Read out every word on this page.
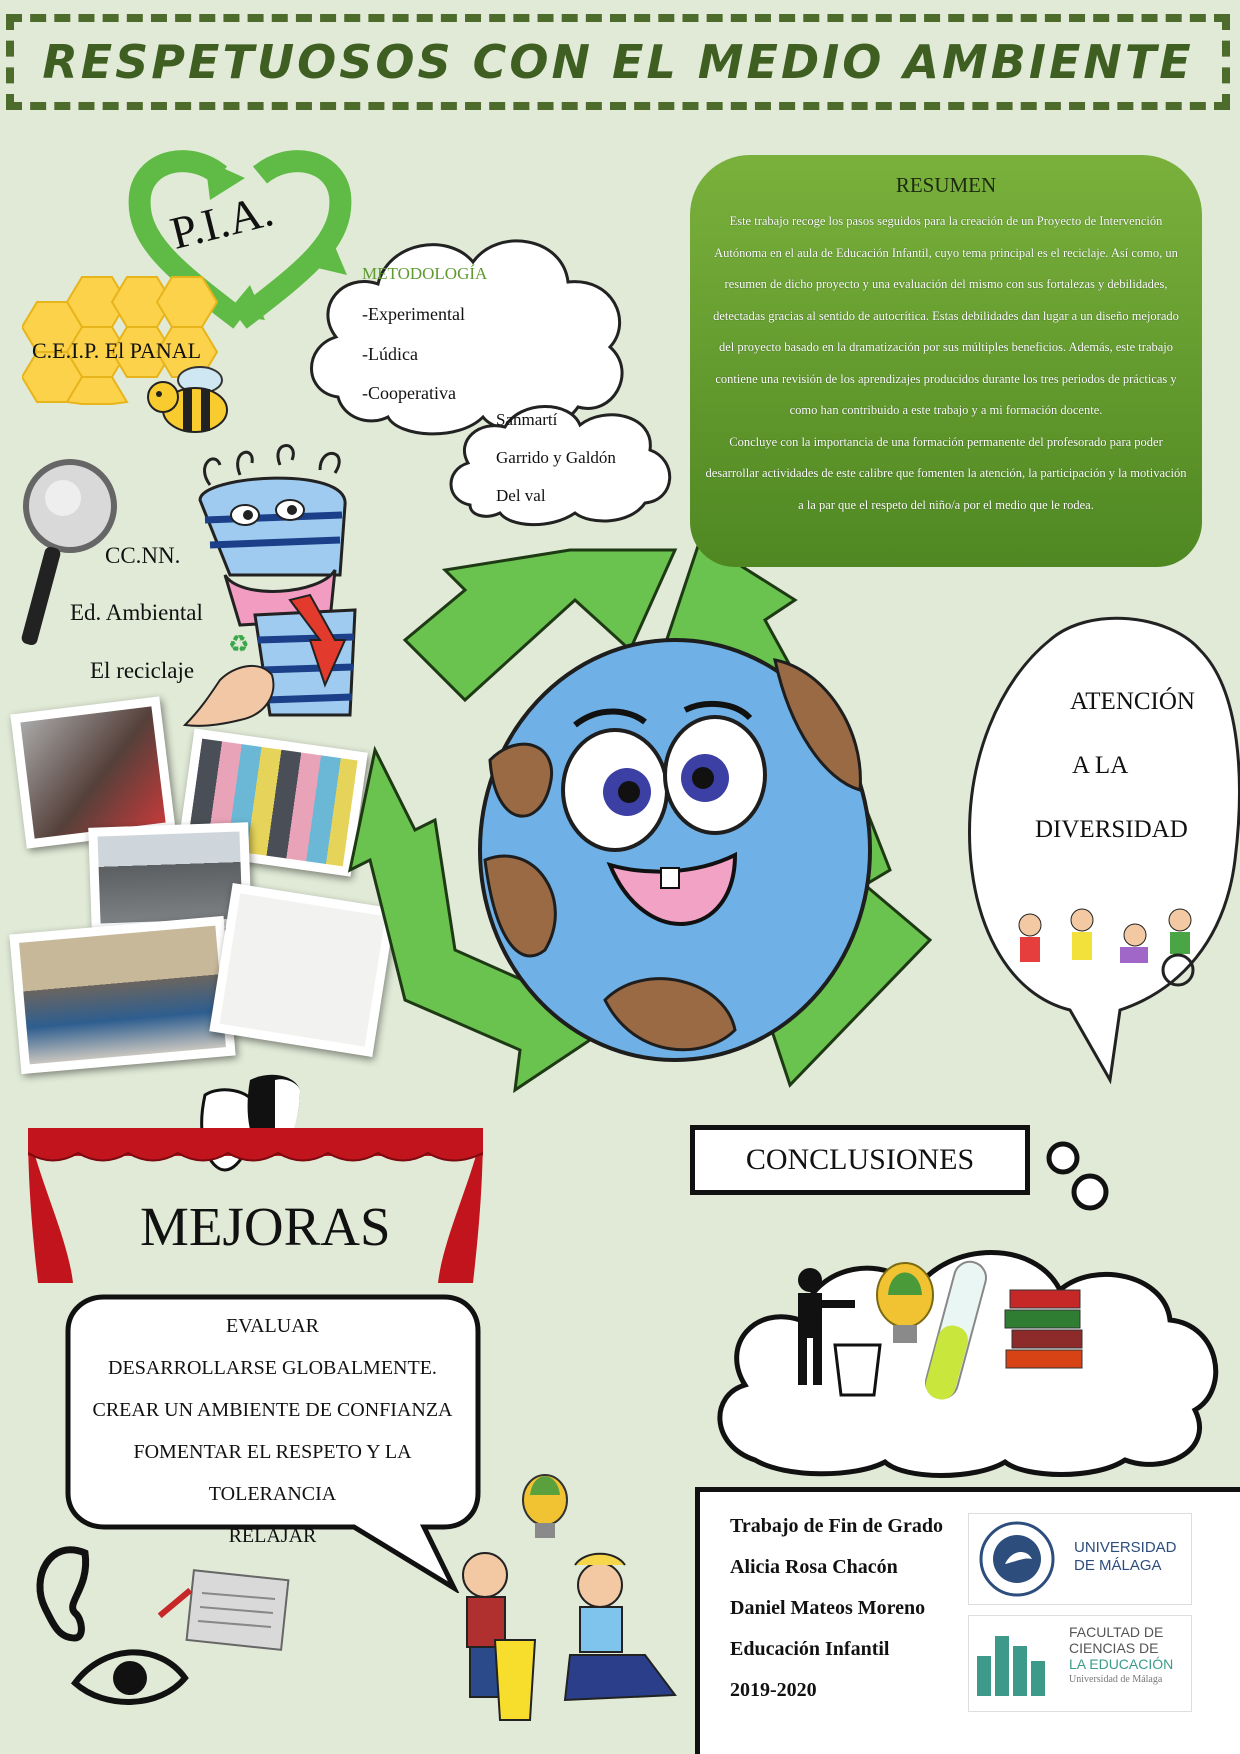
RESPETUOSOS CON EL MEDIO AMBIENTE
P.I.A.
C.E.I.P. El PANAL
METODOLOGÍA
-Experimental
-Lúdica
-Cooperativa
Sanmartí
Garrido y Galdón
Del val
CC.NN.
Ed. Ambiental
El reciclaje
♻
RESUMEN

Este trabajo recoge los pasos seguidos para la creación de un Proyecto de Intervención Autónoma en el aula de Educación Infantil, cuyo tema principal es el reciclaje. Así como, un resumen de dicho proyecto y una evaluación del mismo con sus fortalezas y debilidades, detectadas gracias al sentido de autocrítica. Estas debilidades dan lugar a un diseño mejorado del proyecto basado en la dramatización por sus múltiples beneficios. Además, este trabajo contiene una revisión de los aprendizajes producidos durante los tres periodos de prácticas y como han contribuido a este trabajo y a mi formación docente.

Concluye con la importancia de una formación permanente del profesorado para poder desarrollar actividades de este calibre que fomenten la atención, la participación y la motivación a la par que el respeto del niño/a por el medio que le rodea.

ATENCIÓN
A LA
DIVERSIDAD
CONCLUSIONES
MEJORAS
EVALUAR
DESARROLLARSE GLOBALMENTE.
CREAR UN AMBIENTE DE CONFIANZA
FOMENTAR EL RESPETO Y LA TOLERANCIA
RELAJAR	Trabajo de Fin de Grado
Alicia Rosa Chacón
Daniel Mateos Moreno
Educación Infantil
2019-2020
UNIVERSIDAD
DE MÁLAGA
FACULTAD DE
CIENCIAS DE
LA EDUCACIÓN
Universidad de Málaga
